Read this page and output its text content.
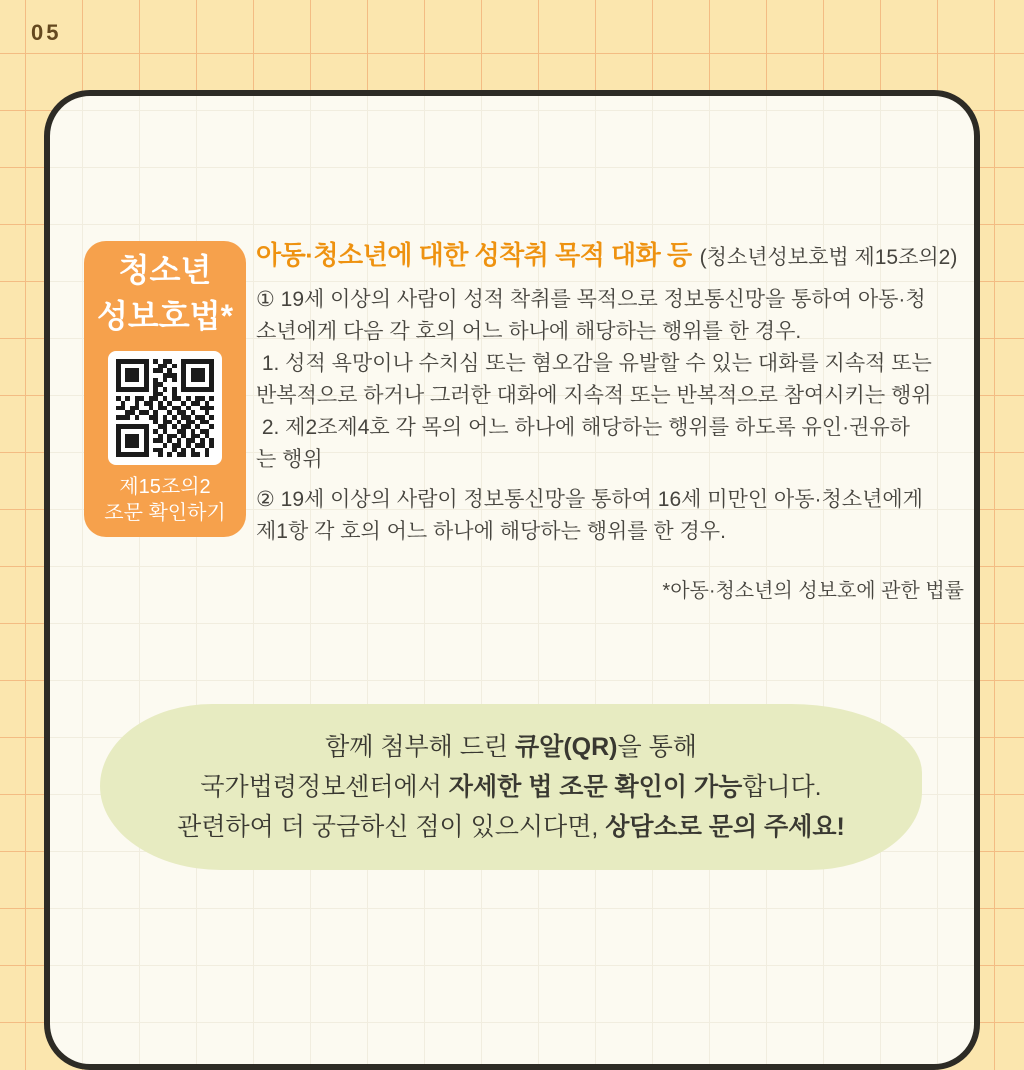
05
청소년
성보호법*
제15조의2
조문 확인하기
아동·청소년에 대한 성착취 목적 대화 등 (청소년성보호법 제15조의2)
① 19세 이상의 사람이 성적 착취를 목적으로 정보통신망을 통하여 아동·청
소년에게 다음 각 호의 어느 하나에 해당하는 행위를 한 경우.
1. 성적 욕망이나 수치심 또는 혐오감을 유발할 수 있는 대화를 지속적 또는
반복적으로 하거나 그러한 대화에 지속적 또는 반복적으로 참여시키는 행위
2. 제2조제4호 각 목의 어느 하나에 해당하는 행위를 하도록 유인·권유하
는 행위
② 19세 이상의 사람이 정보통신망을 통하여 16세 미만인 아동·청소년에게
제1항 각 호의 어느 하나에 해당하는 행위를 한 경우.
*아동·청소년의 성보호에 관한 법률
함께 첨부해 드린 큐알(QR)을 통해
국가법령정보센터에서 자세한 법 조문 확인이 가능합니다.
관련하여 더 궁금하신 점이 있으시다면, 상담소로 문의 주세요!
